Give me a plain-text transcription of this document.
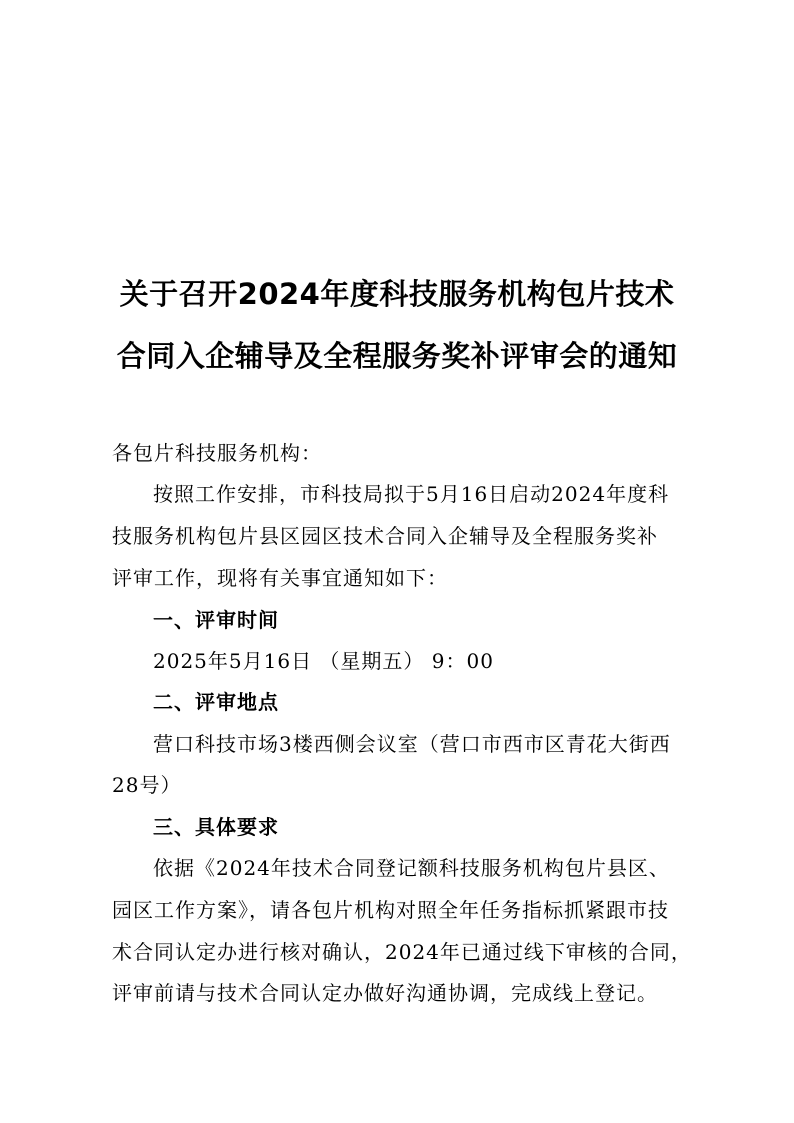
关于召开2024年度科技服务机构包片技术
合同入企辅导及全程服务奖补评审会的通知
各包片科技服务机构：
按照工作安排，市科技局拟于5月16日启动2024年度科
技服务机构包片县区园区技术合同入企辅导及全程服务奖补
评审工作，现将有关事宜通知如下：
一、评审时间
2025年5月16日 （星期五） 9：00
二、评审地点
营口科技市场3楼西侧会议室（营口市西市区青花大街西
28号）
三、具体要求
依据《2024年技术合同登记额科技服务机构包片县区、
园区工作方案》，请各包片机构对照全年任务指标抓紧跟市技
术合同认定办进行核对确认，2024年已通过线下审核的合同，
评审前请与技术合同认定办做好沟通协调，完成线上登记。
